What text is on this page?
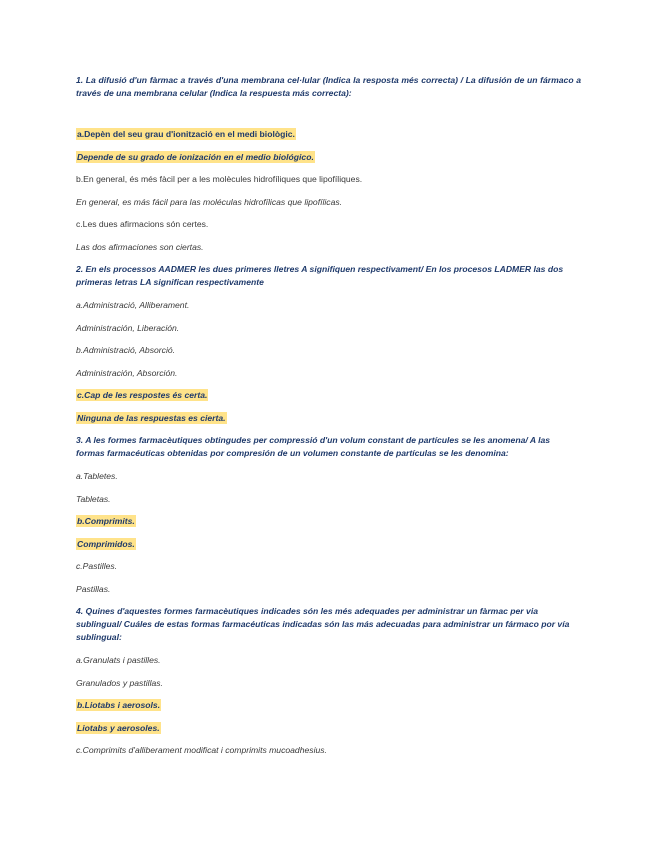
1. La difusió d'un fàrmac a través d'una membrana cel·lular (Indica la resposta més correcta) / La difusión de un fármaco a través de una membrana celular (Indica la respuesta más correcta):

a.Depèn del seu grau d'ionització en el medi biològic.

Depende de su grado de ionización en el medio biológico.

b.En general, és més fàcil per a les molècules hidrofíliques que lipofíliques.

En general, es más fácil para las moléculas hidrofílicas que lipofílicas.

c.Les dues afirmacions són certes.

Las dos afirmaciones son ciertas.

2. En els processos AADMER les dues primeres lletres A signifiquen respectivament/ En los procesos LADMER las dos primeras letras LA significan respectivamente

a.Administració, Alliberament.

Administración, Liberación.

b.Administració, Absorció.

Administración, Absorción.

c.Cap de les respostes és certa.

Ninguna de las respuestas es cierta.

3. A les formes farmacèutiques obtingudes per compressió d'un volum constant de partícules se les anomena/ A las formas farmacéuticas obtenidas por compresión de un volumen constante de partículas se les denomina:

a.Tabletes.

Tabletas.

b.Comprimits.

Comprimidos.

c.Pastilles.

Pastillas.

4. Quines d'aquestes formes farmacèutiques indicades són les més adequades per administrar un fàrmac per via sublingual/ Cuáles de estas formas farmacéuticas indicadas són las más adecuadas para administrar un fármaco por vía sublingual:

a.Granulats i pastilles.

Granulados y pastillas.

b.Liotabs i aerosols.

Liotabs y aerosoles.

c.Comprimits d'alliberament modificat i comprimits mucoadhesius.
